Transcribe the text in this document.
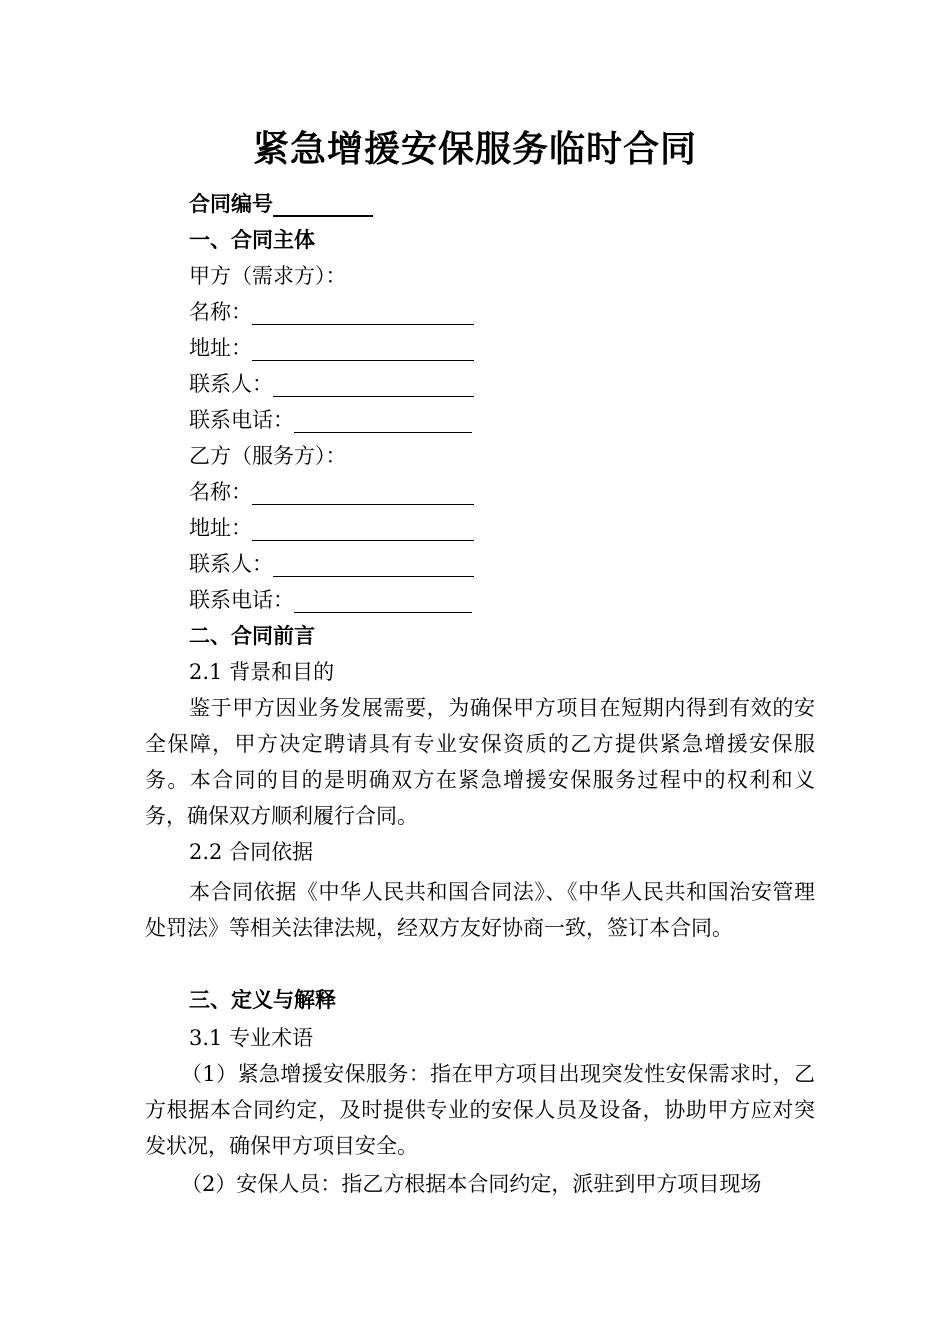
紧急增援安保服务临时合同
合同编号
一、合同主体
甲方（需求方）：
名称：
地址：
联系人：
联系电话：
乙方（服务方）：
名称：
地址：
联系人：
联系电话：
二、合同前言
2.1 背景和目的
鉴于甲方因业务发展需要，为确保甲方项目在短期内得到有效的安全保障，甲方决定聘请具有专业安保资质的乙方提供紧急增援安保服务。本合同的目的是明确双方在紧急增援安保服务过程中的权利和义务，确保双方顺利履行合同。
2.2 合同依据
本合同依据《中华人民共和国合同法》、《中华人民共和国治安管理处罚法》等相关法律法规，经双方友好协商一致，签订本合同。
三、定义与解释
3.1 专业术语
（1）紧急增援安保服务：指在甲方项目出现突发性安保需求时，乙方根据本合同约定，及时提供专业的安保人员及设备，协助甲方应对突发状况，确保甲方项目安全。
（2）安保人员：指乙方根据本合同约定，派驻到甲方项目现场
